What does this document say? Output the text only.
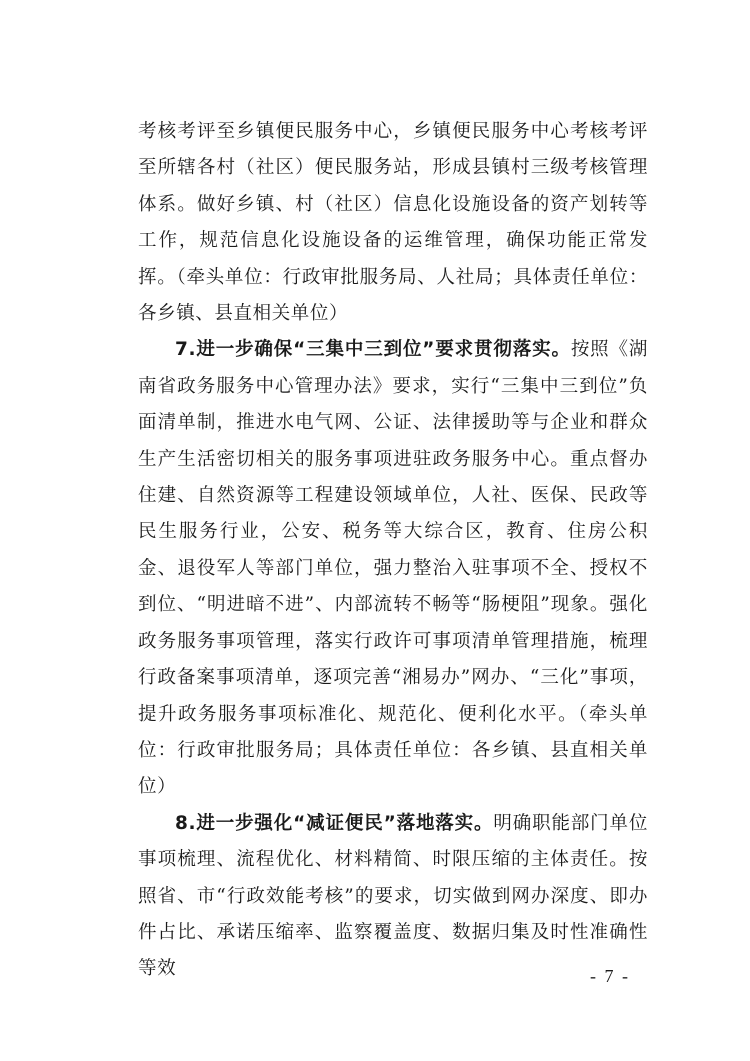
考核考评至乡镇便民服务中心，乡镇便民服务中心考核考评至所辖各村（社区）便民服务站，形成县镇村三级考核管理体系。做好乡镇、村（社区）信息化设施设备的资产划转等工作，规范信息化设施设备的运维管理，确保功能正常发挥。（牵头单位：行政审批服务局、人社局；具体责任单位：各乡镇、县直相关单位）

7.进一步确保“三集中三到位”要求贯彻落实。按照《湖南省政务服务中心管理办法》要求，实行“三集中三到位”负面清单制，推进水电气网、公证、法律援助等与企业和群众生产生活密切相关的服务事项进驻政务服务中心。重点督办住建、自然资源等工程建设领域单位，人社、医保、民政等民生服务行业，公安、税务等大综合区，教育、住房公积金、退役军人等部门单位，强力整治入驻事项不全、授权不到位、“明进暗不进”、内部流转不畅等“肠梗阻”现象。强化政务服务事项管理，落实行政许可事项清单管理措施，梳理行政备案事项清单，逐项完善“湘易办”网办、“三化”事项，提升政务服务事项标准化、规范化、便利化水平。（牵头单位：行政审批服务局；具体责任单位：各乡镇、县直相关单位）

8.进一步强化“减证便民”落地落实。明确职能部门单位事项梳理、流程优化、材料精简、时限压缩的主体责任。按照省、市“行政效能考核”的要求，切实做到网办深度、即办件占比、承诺压缩率、监察覆盖度、数据归集及时性准确性等效	- 7 -
